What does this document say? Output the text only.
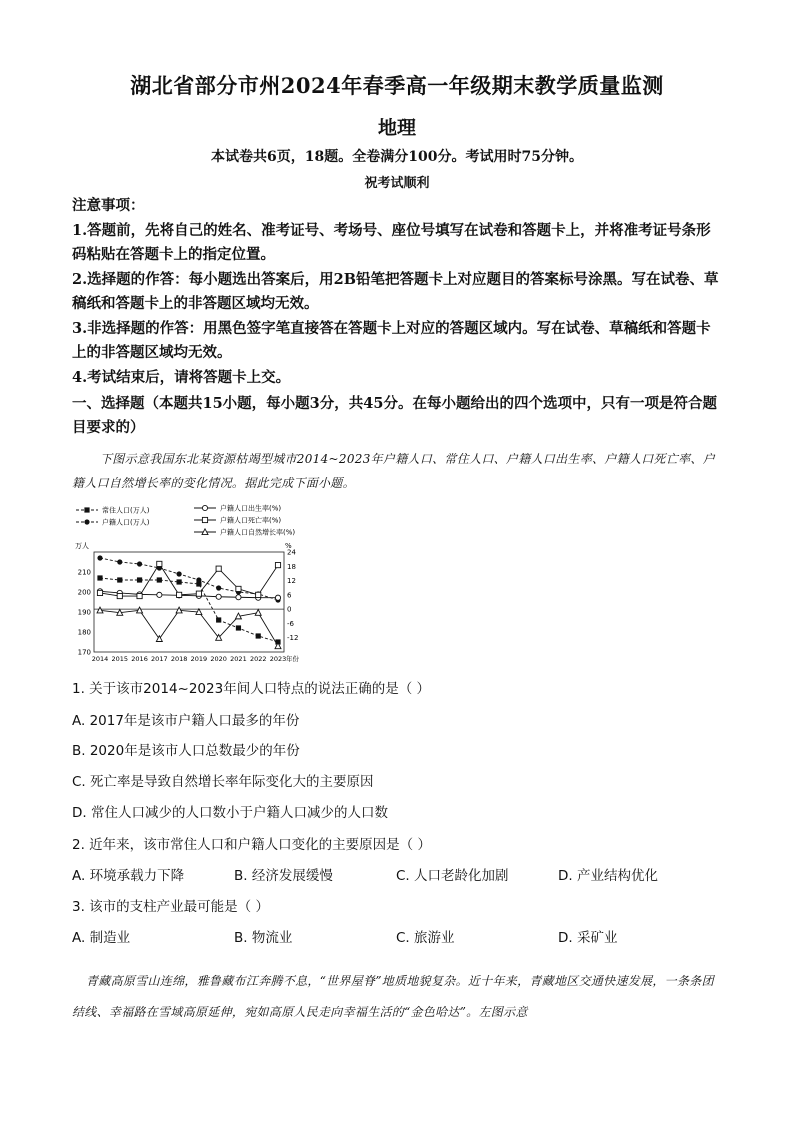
湖北省部分市州2024年春季高一年级期末教学质量监测
地理
本试卷共6页，18题。全卷满分100分。考试用时75分钟。
祝考试顺利

注意事项：

1.答题前，先将自己的姓名、准考证号、考场号、座位号填写在试卷和答题卡上，并将准考证号条形码粘贴在答题卡上的指定位置。

2.选择题的作答：每小题选出答案后，用2B铅笔把答题卡上对应题目的答案标号涂黑。写在试卷、草稿纸和答题卡上的非答题区域均无效。

3.非选择题的作答：用黑色签字笔直接答在答题卡上对应的答题区域内。写在试卷、草稿纸和答题卡上的非答题区域均无效。

4.考试结束后，请将答题卡上交。

一、选择题（本题共15小题，每小题3分，共45分。在每小题给出的四个选项中，只有一项是符合题目要求的）
下图示意我国东北某资源枯竭型城市2014~2023年户籍人口、常住人口、户籍人口出生率、户籍人口死亡率、户籍人口自然增长率的变化情况。据此完成下面小题。
常住人口(万人)
户籍人口(万人)
户籍人口出生率(%)
户籍人口死亡率(%)
户籍人口自然增长率(%)
万人	%
170
180
190
200
210
-12
-6
0
6
12
18
24
2014 2015 2016 2017 2018 2019 2020 2021 2022 2023 年份
1. 关于该市2014~2023年间人口特点的说法正确的是（ ）
A. 2017年是该市户籍人口最多的年份
B. 2020年是该市人口总数最少的年份
C. 死亡率是导致自然增长率年际变化大的主要原因
D. 常住人口减少的人口数小于户籍人口减少的人口数
2. 近年来，该市常住人口和户籍人口变化的主要原因是（ ）
A. 环境承载力下降	B. 经济发展缓慢	C. 人口老龄化加剧	D. 产业结构优化
3. 该市的支柱产业最可能是（ ）
A. 制造业	B. 物流业	C. 旅游业	D. 采矿业
青藏高原雪山连绵，雅鲁藏布江奔腾不息，“世界屋脊”地质地貌复杂。近十年来，青藏地区交通快速发展，一条条团结线、幸福路在雪域高原延伸，宛如高原人民走向幸福生活的“金色哈达”。左图示意
